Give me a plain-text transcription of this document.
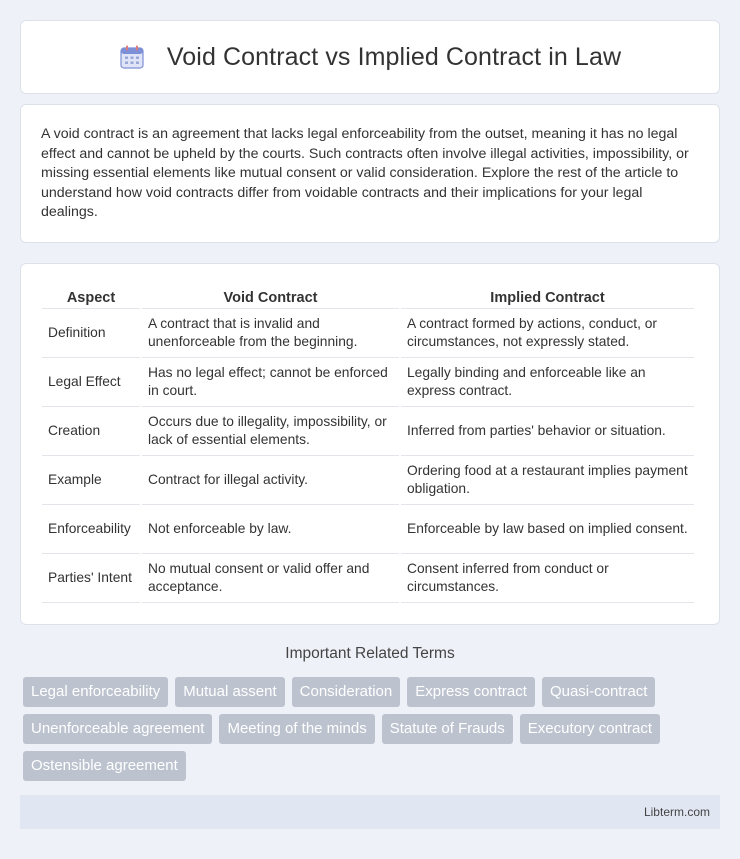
Void Contract vs Implied Contract in Law

A void contract is an agreement that lacks legal enforceability from the outset, meaning it has no legal effect and cannot be upheld by the courts. Such contracts often involve illegal activities, impossibility, or missing essential elements like mutual consent or valid consideration. Explore the rest of the article to understand how void contracts differ from voidable contracts and their implications for your legal dealings.

Aspect	Void Contract	Implied Contract
Definition	A contract that is invalid and unenforceable from the beginning.	A contract formed by actions, conduct, or circumstances, not expressly stated.
Legal Effect	Has no legal effect; cannot be enforced in court.	Legally binding and enforceable like an express contract.
Creation	Occurs due to illegality, impossibility, or lack of essential elements.	Inferred from parties' behavior or situation.
Example	Contract for illegal activity.	Ordering food at a restaurant implies payment obligation.
Enforceability	Not enforceable by law.	Enforceable by law based on implied consent.
Parties' Intent	No mutual consent or valid offer and acceptance.	Consent inferred from conduct or circumstances.
Important Related Terms
Legal enforceability	Mutual assent	Consideration	Express contract	Quasi-contract
Unenforceable agreement	Meeting of the minds	Statute of Frauds	Executory contract
Ostensible agreement
Libterm.com
